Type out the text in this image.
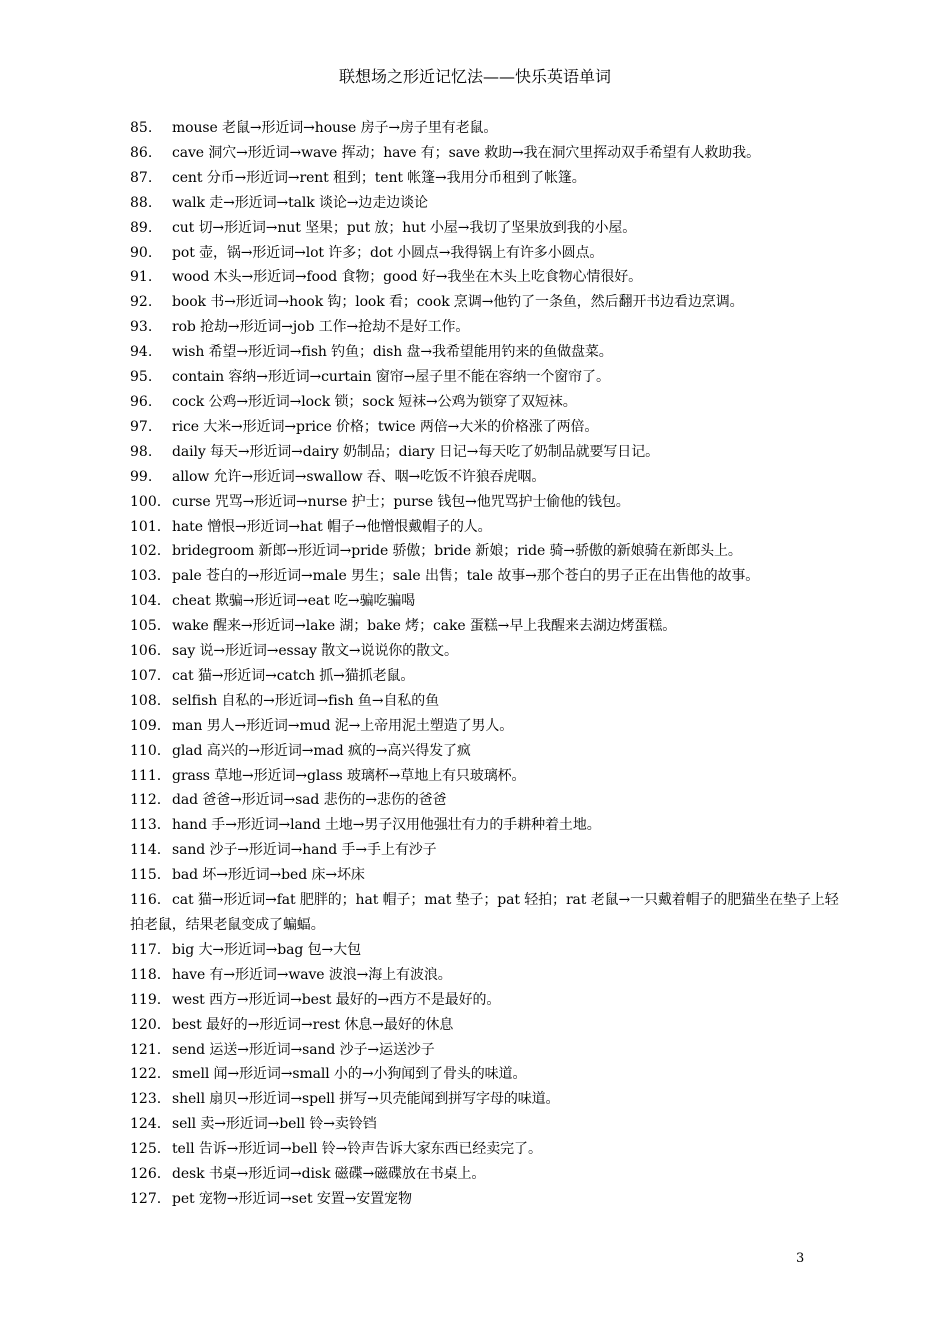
联想场之形近记忆法——快乐英语单词
85. mouse 老鼠→形近词→house 房子→房子里有老鼠。
86. cave 洞穴→形近词→wave 挥动；have 有；save 救助→我在洞穴里挥动双手希望有人救助我。
87. cent 分币→形近词→rent 租到；tent 帐篷→我用分币租到了帐篷。
88. walk 走→形近词→talk 谈论→边走边谈论
89. cut 切→形近词→nut 坚果；put 放；hut 小屋→我切了坚果放到我的小屋。
90. pot 壶，锅→形近词→lot 许多；dot 小圆点→我得锅上有许多小圆点。
91. wood 木头→形近词→food 食物；good 好→我坐在木头上吃食物心情很好。
92. book 书→形近词→hook 钩；look 看；cook 烹调→他钓了一条鱼，然后翻开书边看边烹调。
93. rob 抢劫→形近词→job 工作→抢劫不是好工作。
94. wish 希望→形近词→fish 钓鱼；dish 盘→我希望能用钓来的鱼做盘菜。
95. contain 容纳→形近词→curtain 窗帘→屋子里不能在容纳一个窗帘了。
96. cock 公鸡→形近词→lock 锁；sock 短袜→公鸡为锁穿了双短袜。
97. rice 大米→形近词→price 价格；twice 两倍→大米的价格涨了两倍。
98. daily 每天→形近词→dairy 奶制品；diary 日记→每天吃了奶制品就要写日记。
99. allow 允许→形近词→swallow 吞、咽→吃饭不许狼吞虎咽。
100. curse 咒骂→形近词→nurse 护士；purse 钱包→他咒骂护士偷他的钱包。
101. hate 憎恨→形近词→hat 帽子→他憎恨戴帽子的人。
102. bridegroom 新郎→形近词→pride 骄傲；bride 新娘；ride 骑→骄傲的新娘骑在新郎头上。
103. pale 苍白的→形近词→male 男生；sale 出售；tale 故事→那个苍白的男子正在出售他的故事。
104. cheat 欺骗→形近词→eat 吃→骗吃骗喝
105. wake 醒来→形近词→lake 湖；bake 烤；cake 蛋糕→早上我醒来去湖边烤蛋糕。
106. say 说→形近词→essay 散文→说说你的散文。
107. cat 猫→形近词→catch 抓→猫抓老鼠。
108. selfish 自私的→形近词→fish 鱼→自私的鱼
109. man 男人→形近词→mud 泥→上帝用泥土塑造了男人。
110. glad 高兴的→形近词→mad 疯的→高兴得发了疯
111. grass 草地→形近词→glass 玻璃杯→草地上有只玻璃杯。
112. dad 爸爸→形近词→sad 悲伤的→悲伤的爸爸
113. hand 手→形近词→land 土地→男子汉用他强壮有力的手耕种着土地。
114. sand 沙子→形近词→hand 手→手上有沙子
115. bad 坏→形近词→bed 床→坏床
116. cat 猫→形近词→fat 肥胖的；hat 帽子；mat 垫子；pat 轻拍；rat 老鼠→一只戴着帽子的肥猫坐在垫子上轻拍老鼠，结果老鼠变成了蝙蝠。
117. big 大→形近词→bag 包→大包
118. have 有→形近词→wave 波浪→海上有波浪。
119. west 西方→形近词→best 最好的→西方不是最好的。
120. best 最好的→形近词→rest 休息→最好的休息
121. send 运送→形近词→sand 沙子→运送沙子
122. smell 闻→形近词→small 小的→小狗闻到了骨头的味道。
123. shell 扇贝→形近词→spell 拼写→贝壳能闻到拼写字母的味道。
124. sell 卖→形近词→bell 铃→卖铃铛
125. tell 告诉→形近词→bell 铃→铃声告诉大家东西已经卖完了。
126. desk 书桌→形近词→disk 磁碟→磁碟放在书桌上。
127. pet 宠物→形近词→set 安置→安置宠物
3
